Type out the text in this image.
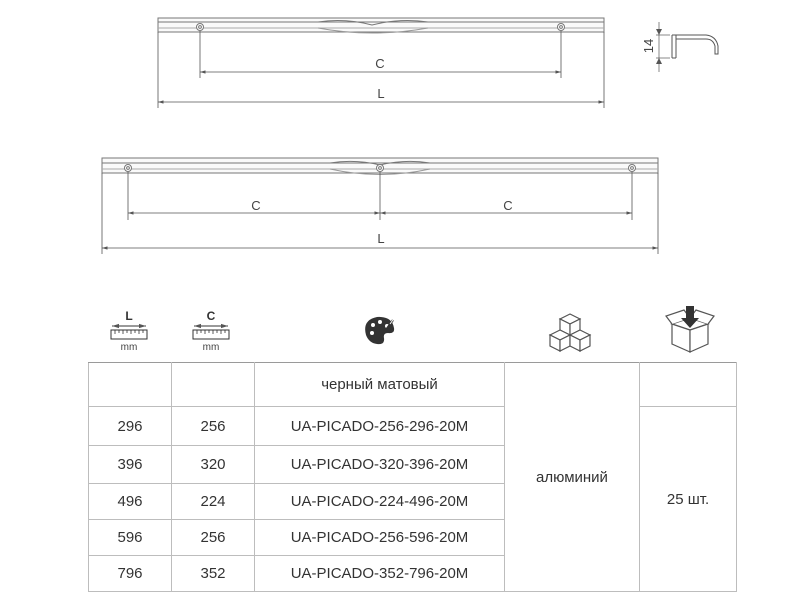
C
L
14
C	C
L
L
mm
C
mm
		черный матовый	алюминий	
296	256	UA-PICADO-256-296-20M		25 шт.
396	320	UA-PICADO-320-396-20M		
496	224	UA-PICADO-224-496-20M		
596	256	UA-PICADO-256-596-20M		
796	352	UA-PICADO-352-796-20M		
